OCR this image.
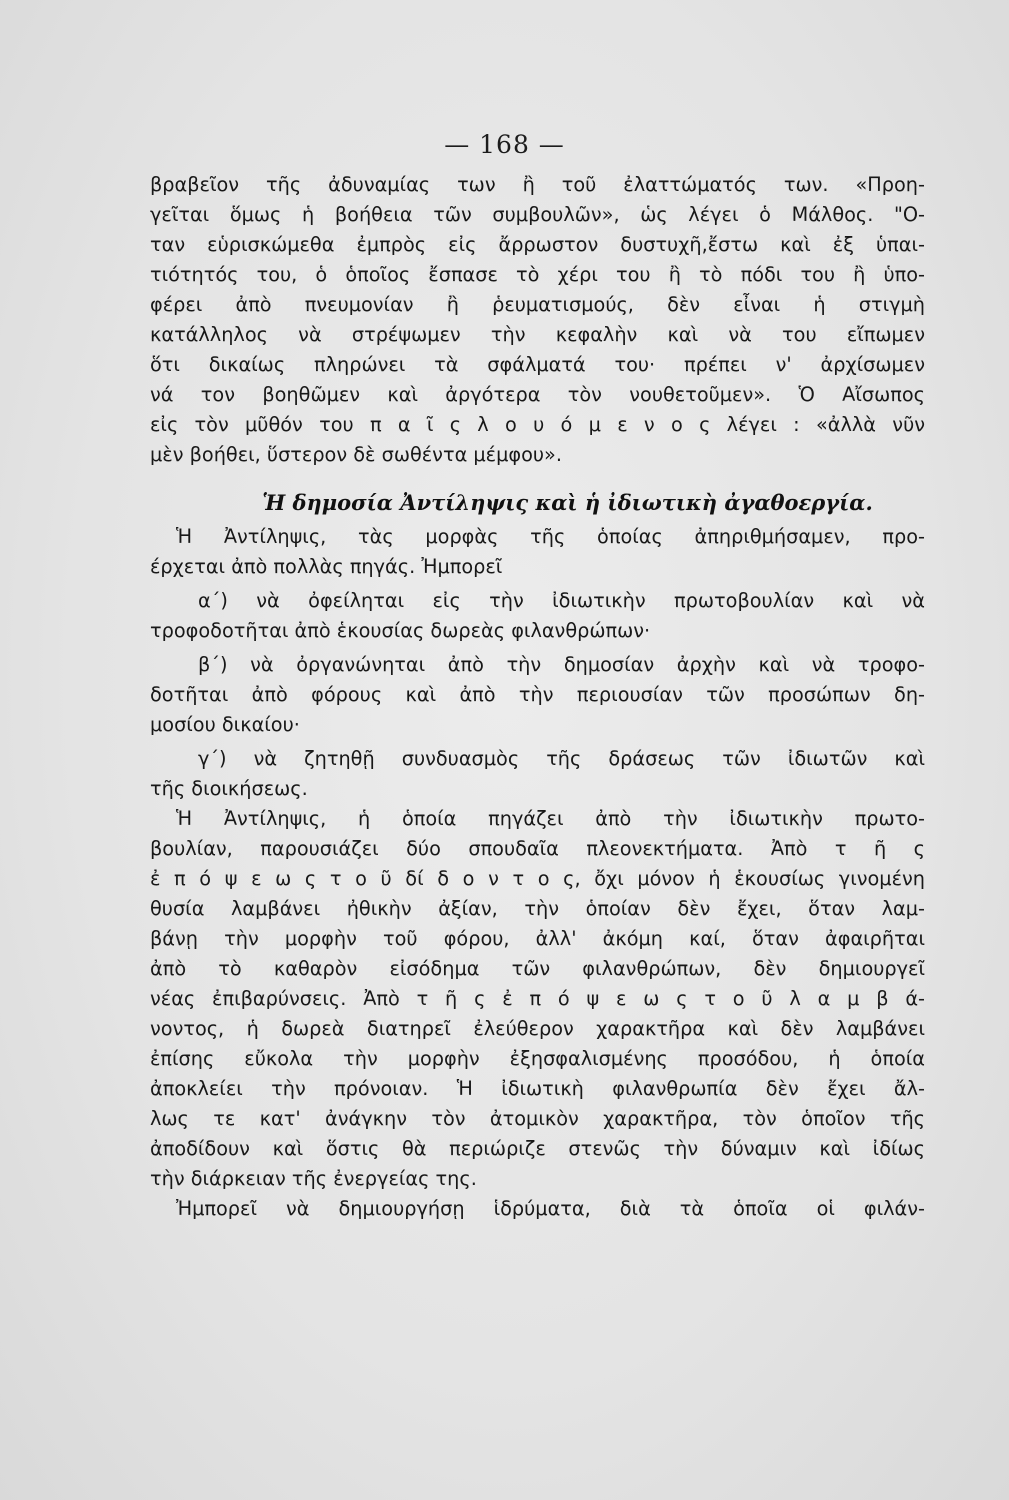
— 168 —
βραβεῖον τῆς ἀδυναμίας των ἢ τοῦ ἐλαττώματός των. «Προη-
γεῖται ὅμως ἡ βοήθεια τῶν συμβουλῶν», ὡς λέγει ὁ Μάλθος. "Ο-
ταν εὑρισκώμεθα ἐμπρὸς εἰς ἄρρωστον δυστυχῆ,ἔστω καὶ ἐξ ὑπαι-
τιότητός του, ὁ ὁποῖος ἔσπασε τὸ χέρι του ἢ τὸ πόδι του ἢ ὑπο-
φέρει ἀπὸ πνευμονίαν ἢ ῥευματισμούς, δὲν εἶναι ἡ στιγμὴ
κατάλληλος νὰ στρέψωμεν τὴν κεφαλὴν καὶ νὰ του εἴπωμεν
ὅτι δικαίως πληρώνει τὰ σφάλματά του· πρέπει ν' ἀρχίσωμεν
νά τον βοηθῶμεν καὶ ἀργότερα τὸν νουθετοῦμεν». Ὁ Αἴσωπος
εἰς τὸν μῦθόν του π α ῖ ς λ ο υ ό μ ε ν ο ς λέγει : «ἀλλὰ νῦν
μὲν βοήθει, ὕστερον δὲ σωθέντα μέμφου».
Ἡ δημοσία Ἀντίληψις καὶ ἡ ἰδιωτικὴ ἀγαθοεργία.
Ἡ Ἀντίληψις, τὰς μορφὰς τῆς ὁποίας ἀπηριθμήσαμεν, προ-
έρχεται ἀπὸ πολλὰς πηγάς. Ἠμπορεῖ
α΄) νὰ ὀφείληται εἰς τὴν ἰδιωτικὴν πρωτοβουλίαν καὶ νὰ
τροφοδοτῆται ἀπὸ ἑκουσίας δωρεὰς φιλανθρώπων·
β΄) νὰ ὀργανώνηται ἀπὸ τὴν δημοσίαν ἀρχὴν καὶ νὰ τροφο-
δοτῆται ἀπὸ φόρους καὶ ἀπὸ τὴν περιουσίαν τῶν προσώπων δη-
μοσίου δικαίου·
γ΄) νὰ ζητηθῇ συνδυασμὸς τῆς δράσεως τῶν ἰδιωτῶν καὶ
τῆς διοικήσεως.
Ἡ Ἀντίληψις, ἡ ὁποία πηγάζει ἀπὸ τὴν ἰδιωτικὴν πρωτο-
βουλίαν, παρουσιάζει δύο σπουδαῖα πλεονεκτήματα. Ἀπὸ τ ῆ ς
ἐ π ό ψ ε ω ς τ ο ῦ δί δ ο ν τ ο ς, ὄχι μόνον ἡ ἑκουσίως γινομένη
θυσία λαμβάνει ἠθικὴν ἀξίαν, τὴν ὁποίαν δὲν ἔχει, ὅταν λαμ-
βάνῃ τὴν μορφὴν τοῦ φόρου, ἀλλ' ἀκόμη καί, ὅταν ἀφαιρῆται
ἀπὸ τὸ καθαρὸν εἰσόδημα τῶν φιλανθρώπων, δὲν δημιουργεῖ
νέας ἐπιβαρύνσεις. Ἀπὸ τ ῆ ς ἐ π ό ψ ε ω ς τ ο ῦ λ α μ β ά-
νοντος, ἡ δωρεὰ διατηρεῖ ἐλεύθερον χαρακτῆρα καὶ δὲν λαμβάνει
ἐπίσης εὔκολα τὴν μορφὴν ἐξησφαλισμένης προσόδου, ἡ ὁποία
ἀποκλείει τὴν πρόνοιαν. Ἡ ἰδιωτικὴ φιλανθρωπία δὲν ἔχει ἄλ-
λως τε κατ' ἀνάγκην τὸν ἀτομικὸν χαρακτῆρα, τὸν ὁποῖον τῆς
ἀποδίδουν καὶ ὅστις θὰ περιώριζε στενῶς τὴν δύναμιν καὶ ἰδίως
τὴν διάρκειαν τῆς ἐνεργείας της.
Ἠμπορεῖ νὰ δημιουργήσῃ ἱδρύματα, διὰ τὰ ὁποῖα οἱ φιλάν-
